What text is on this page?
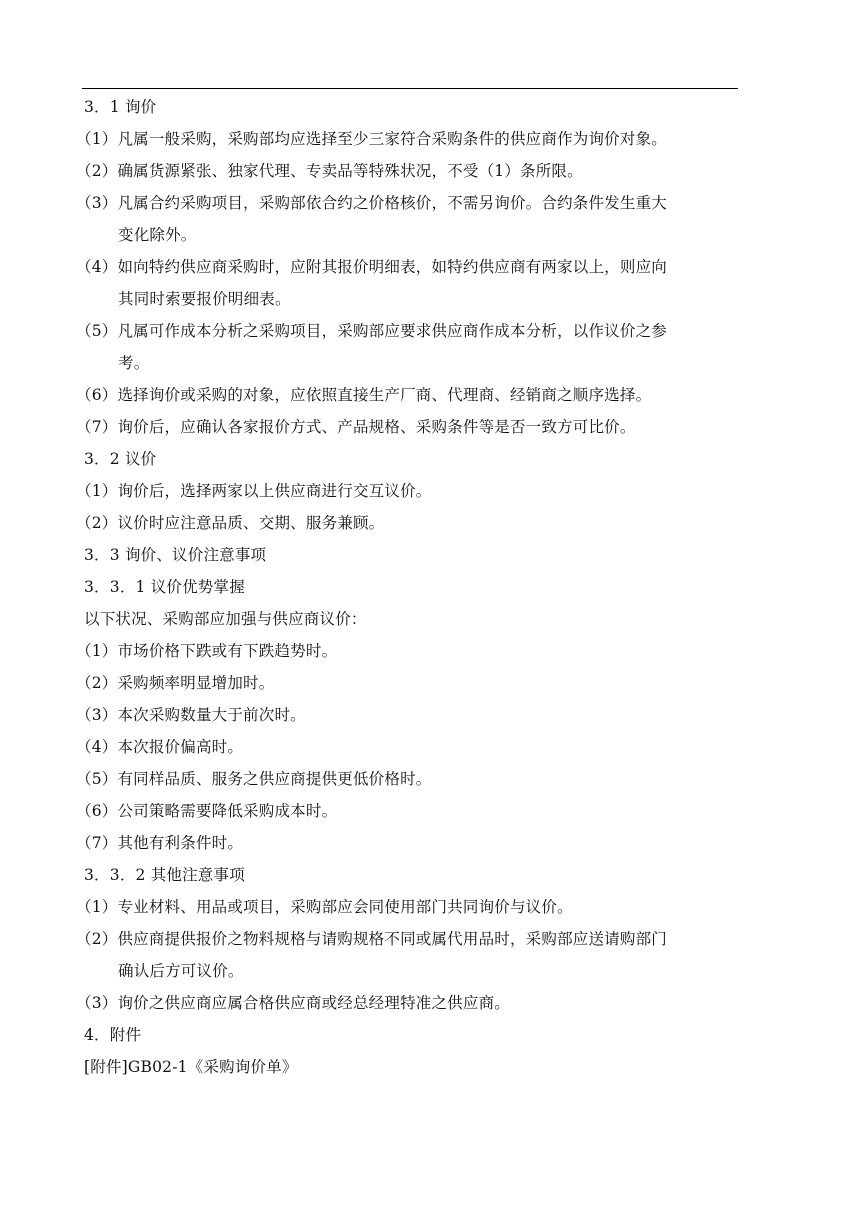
3．1 询价
（1）凡属一般采购，采购部均应选择至少三家符合采购条件的供应商作为询价对象。
（2）确属货源紧张、独家代理、专卖品等特殊状况，不受（1）条所限。
（3）凡属合约采购项目，采购部依合约之价格核价，不需另询价。合约条件发生重大
变化除外。
（4）如向特约供应商采购时，应附其报价明细表，如特约供应商有两家以上，则应向
其同时索要报价明细表。
（5）凡属可作成本分析之采购项目，采购部应要求供应商作成本分析，以作议价之参
考。
（6）选择询价或采购的对象，应依照直接生产厂商、代理商、经销商之顺序选择。
（7）询价后，应确认各家报价方式、产品规格、采购条件等是否一致方可比价。
3．2 议价
（1）询价后，选择两家以上供应商进行交互议价。
（2）议价时应注意品质、交期、服务兼顾。
3．3 询价、议价注意事项
3．3．1 议价优势掌握
以下状况、采购部应加强与供应商议价：
（1）市场价格下跌或有下跌趋势时。
（2）采购频率明显增加时。
（3）本次采购数量大于前次时。
（4）本次报价偏高时。
（5）有同样品质、服务之供应商提供更低价格时。
（6）公司策略需要降低采购成本时。
（7）其他有利条件时。
3．3．2 其他注意事项
（1）专业材料、用品或项目，采购部应会同使用部门共同询价与议价。
（2）供应商提供报价之物料规格与请购规格不同或属代用品时，采购部应送请购部门
确认后方可议价。
（3）询价之供应商应属合格供应商或经总经理特准之供应商。
4．附件
[附件]GB02-1《采购询价单》
